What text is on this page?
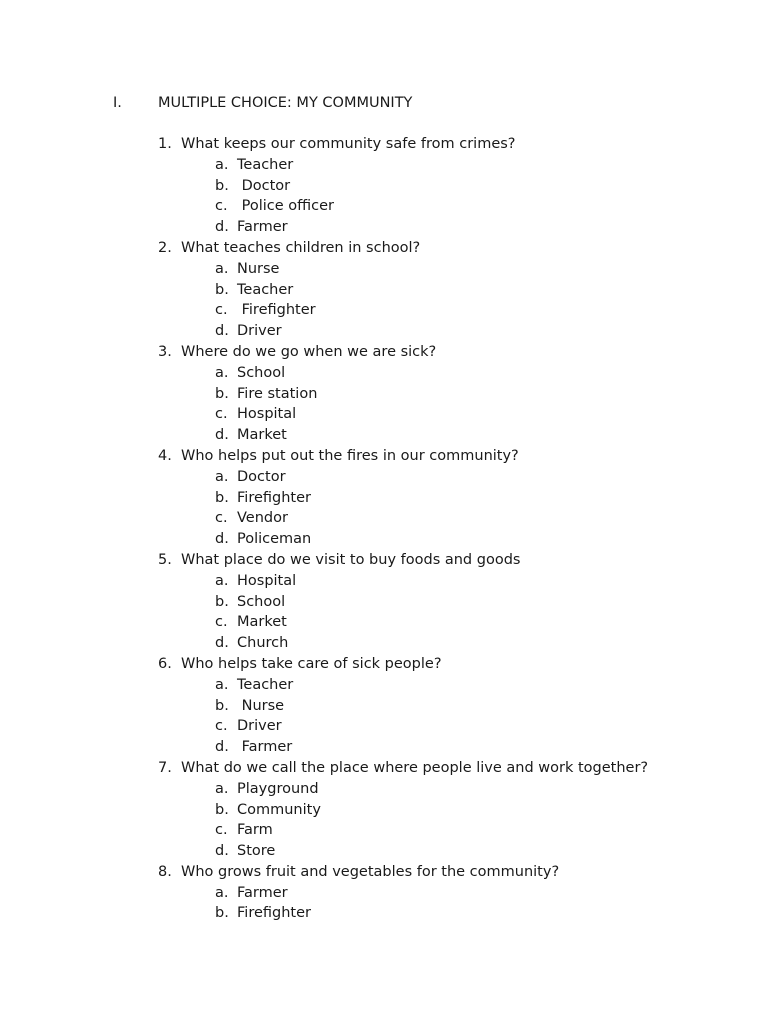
I. MULTIPLE CHOICE: MY COMMUNITY
1. What keeps our community safe from crimes?
a. Teacher
b. Doctor
c. Police officer
d. Farmer
2. What teaches children in school?
a. Nurse
b. Teacher
c. Firefighter
d. Driver
3. Where do we go when we are sick?
a. School
b. Fire station
c. Hospital
d. Market
4. Who helps put out the fires in our community?
a. Doctor
b. Firefighter
c. Vendor
d. Policeman
5. What place do we visit to buy foods and goods
a. Hospital
b. School
c. Market
d. Church
6. Who helps take care of sick people?
a. Teacher
b. Nurse
c. Driver
d. Farmer
7. What do we call the place where people live and work together?
a. Playground
b. Community
c. Farm
d. Store
8. Who grows fruit and vegetables for the community?
a. Farmer
b. Firefighter
